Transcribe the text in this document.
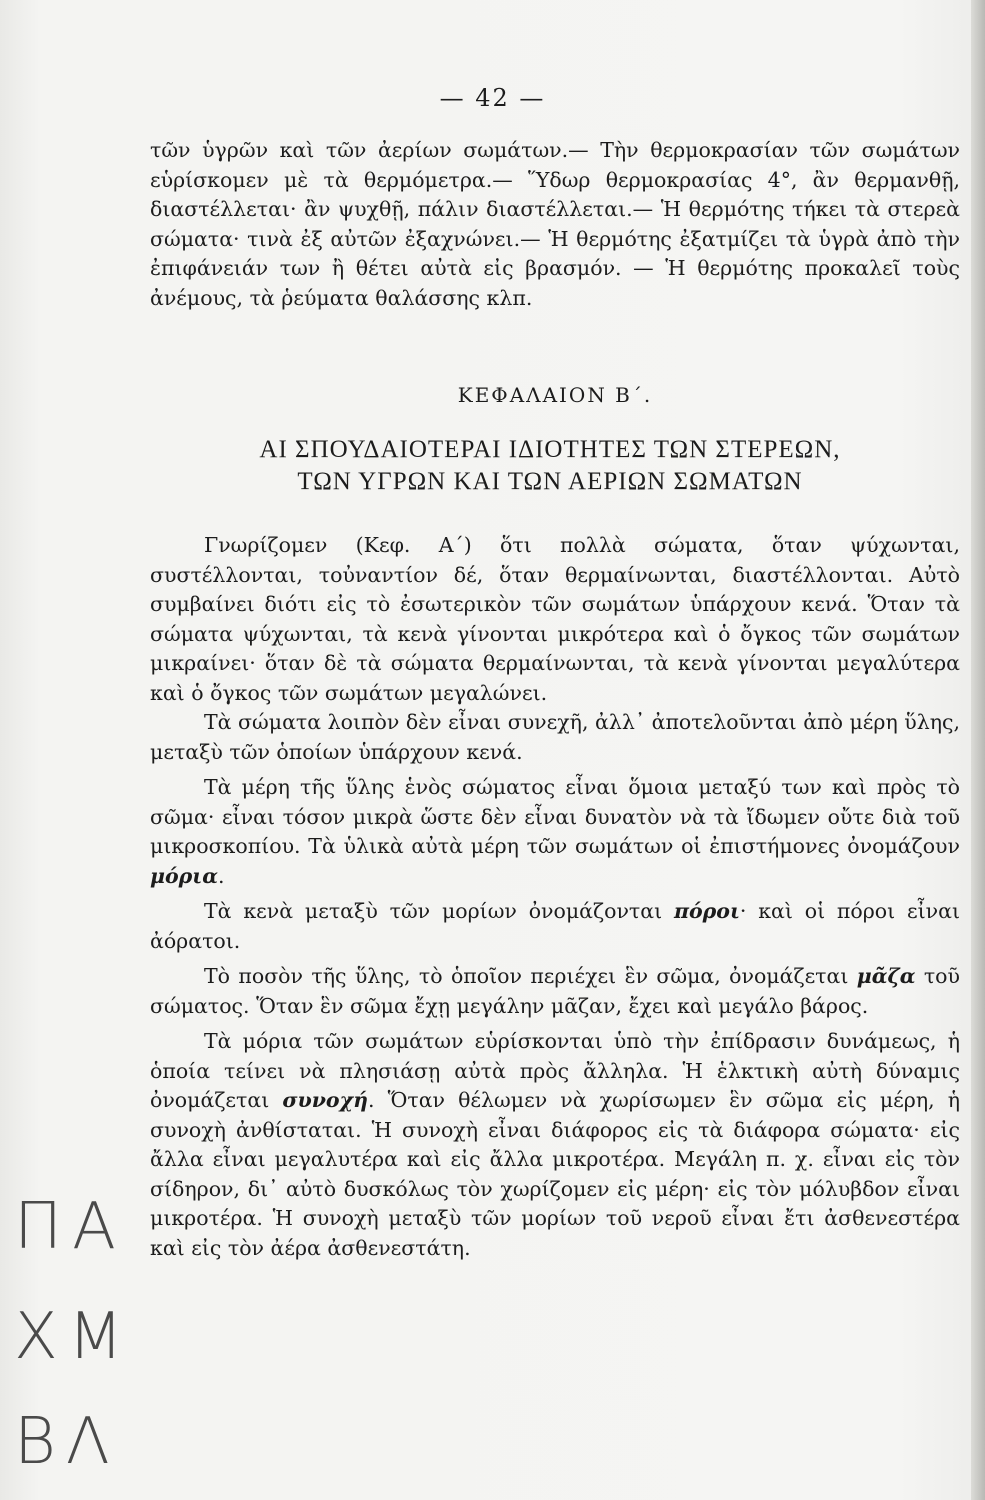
— 42 —

τῶν ὑγρῶν καὶ τῶν ἀερίων σωμάτων.— Τὴν θερμοκρασίαν τῶν σωμάτων εὑρίσκομεν μὲ τὰ θερμόμετρα.— Ὕδωρ θερμοκρασίας 4°, ἂν θερμανθῇ, διαστέλλεται· ἂν ψυχθῇ, πάλιν διαστέλλεται.— Ἡ θερμότης τήκει τὰ στερεὰ σώματα· τινὰ ἐξ αὐτῶν ἐξαχνώνει.— Ἡ θερμότης ἐξατμίζει τὰ ὑγρὰ ἀπὸ τὴν ἐπιφάνειάν των ἢ θέτει αὐτὰ εἰς βρασμόν. — Ἡ θερμότης προκαλεῖ τοὺς ἀνέμους, τὰ ῥεύματα θαλάσσης κλπ.

ΚΕΦΑΛΑΙΟΝ Β΄.
ΑΙ ΣΠΟΥΔΑΙΟΤΕΡΑΙ ΙΔΙΟΤΗΤΕΣ ΤΩΝ ΣΤΕΡΕΩΝ,
ΤΩΝ ΥΓΡΩΝ ΚΑΙ ΤΩΝ ΑΕΡΙΩΝ ΣΩΜΑΤΩΝ

Γνωρίζομεν (Κεφ. Α΄) ὅτι πολλὰ σώματα, ὅταν ψύχωνται, συστέλλονται, τοὐναντίον δέ, ὅταν θερμαίνωνται, διαστέλλονται. Αὐτὸ συμβαίνει διότι εἰς τὸ ἐσωτερικὸν τῶν σωμάτων ὑπάρχουν κενά. Ὅταν τὰ σώματα ψύχωνται, τὰ κενὰ γίνονται μικρότερα καὶ ὁ ὄγκος τῶν σωμάτων μικραίνει· ὅταν δὲ τὰ σώματα θερμαίνωνται, τὰ κενὰ γίνονται μεγαλύτερα καὶ ὁ ὄγκος τῶν σωμάτων μεγαλώνει.

Τὰ σώματα λοιπὸν δὲν εἶναι συνεχῆ, ἀλλ᾽ ἀποτελοῦνται ἀπὸ μέρη ὕλης, μεταξὺ τῶν ὁποίων ὑπάρχουν κενά.

Τὰ μέρη τῆς ὕλης ἑνὸς σώματος εἶναι ὅμοια μεταξύ των καὶ πρὸς τὸ σῶμα· εἶναι τόσον μικρὰ ὥστε δὲν εἶναι δυνατὸν νὰ τὰ ἴδωμεν οὔτε διὰ τοῦ μικροσκοπίου. Τὰ ὑλικὰ αὐτὰ μέρη τῶν σωμάτων οἱ ἐπιστήμονες ὀνομάζουν μόρια.

Τὰ κενὰ μεταξὺ τῶν μορίων ὀνομάζονται πόροι· καὶ οἱ πόροι εἶναι ἀόρατοι.

Τὸ ποσὸν τῆς ὕλης, τὸ ὁποῖον περιέχει ἓν σῶμα, ὀνομάζεται μᾶζα τοῦ σώματος. Ὅταν ἓν σῶμα ἔχῃ μεγάλην μᾶζαν, ἔχει καὶ μεγάλο βάρος.

Τὰ μόρια τῶν σωμάτων εὑρίσκονται ὑπὸ τὴν ἐπίδρασιν δυνάμεως, ἡ ὁποία τείνει νὰ πλησιάσῃ αὐτὰ πρὸς ἄλληλα. Ἡ ἑλκτικὴ αὐτὴ δύναμις ὀνομάζεται συνοχή. Ὅταν θέλωμεν νὰ χωρίσωμεν ἓν σῶμα εἰς μέρη, ἡ συνοχὴ ἀνθίσταται. Ἡ συνοχὴ εἶναι διάφορος εἰς τὰ διάφορα σώματα· εἰς ἄλλα εἶναι μεγαλυτέρα καὶ εἰς ἄλλα μικροτέρα. Μεγάλη π. χ. εἶναι εἰς τὸν σίδηρον, δι᾽ αὐτὸ δυσκόλως τὸν χωρίζομεν εἰς μέρη· εἰς τὸν μόλυβδον εἶναι μικροτέρα. Ἡ συνοχὴ μεταξὺ τῶν μορίων τοῦ νεροῦ εἶναι ἔτι ἀσθενεστέρα καὶ εἰς τὸν ἀέρα ἀσθενεστάτη.

ΠΑ
ΧΜ
ΒΛ
